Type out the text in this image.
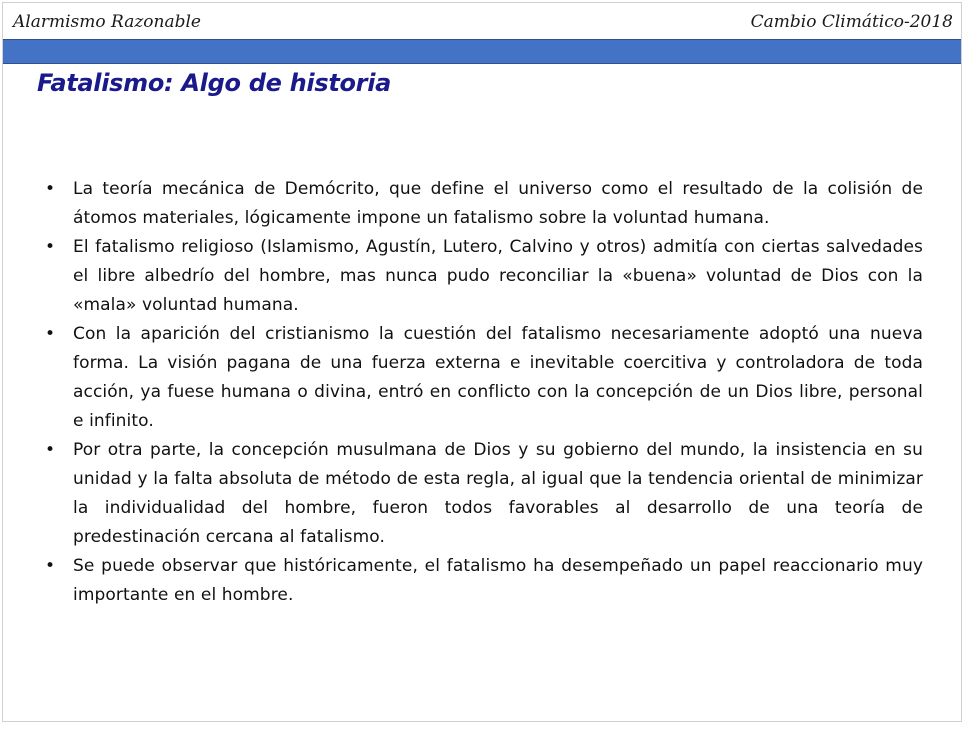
Alarmismo Razonable	Cambio Climático-2018
Fatalismo: Algo de historia
• La teoría mecánica de Demócrito, que define el universo como el resultado de la colisión de átomos materiales, lógicamente impone un fatalismo sobre la voluntad humana.
• El fatalismo religioso (Islamismo, Agustín, Lutero, Calvino y otros) admitía con ciertas salvedades el libre albedrío del hombre, mas nunca pudo reconciliar la «buena» voluntad de Dios con la «mala» voluntad humana.
• Con la aparición del cristianismo la cuestión del fatalismo necesariamente adoptó una nueva forma. La visión pagana de una fuerza externa e inevitable coercitiva y controladora de toda acción, ya fuese humana o divina, entró en conflicto con la concepción de un Dios libre, personal e infinito.
• Por otra parte, la concepción musulmana de Dios y su gobierno del mundo, la insistencia en su unidad y la falta absoluta de método de esta regla, al igual que la tendencia oriental de minimizar la individualidad del hombre, fueron todos favorables al desarrollo de una teoría de predestinación cercana al fatalismo.
• Se puede observar que históricamente, el fatalismo ha desempeñado un papel reaccionario muy importante en el hombre.
